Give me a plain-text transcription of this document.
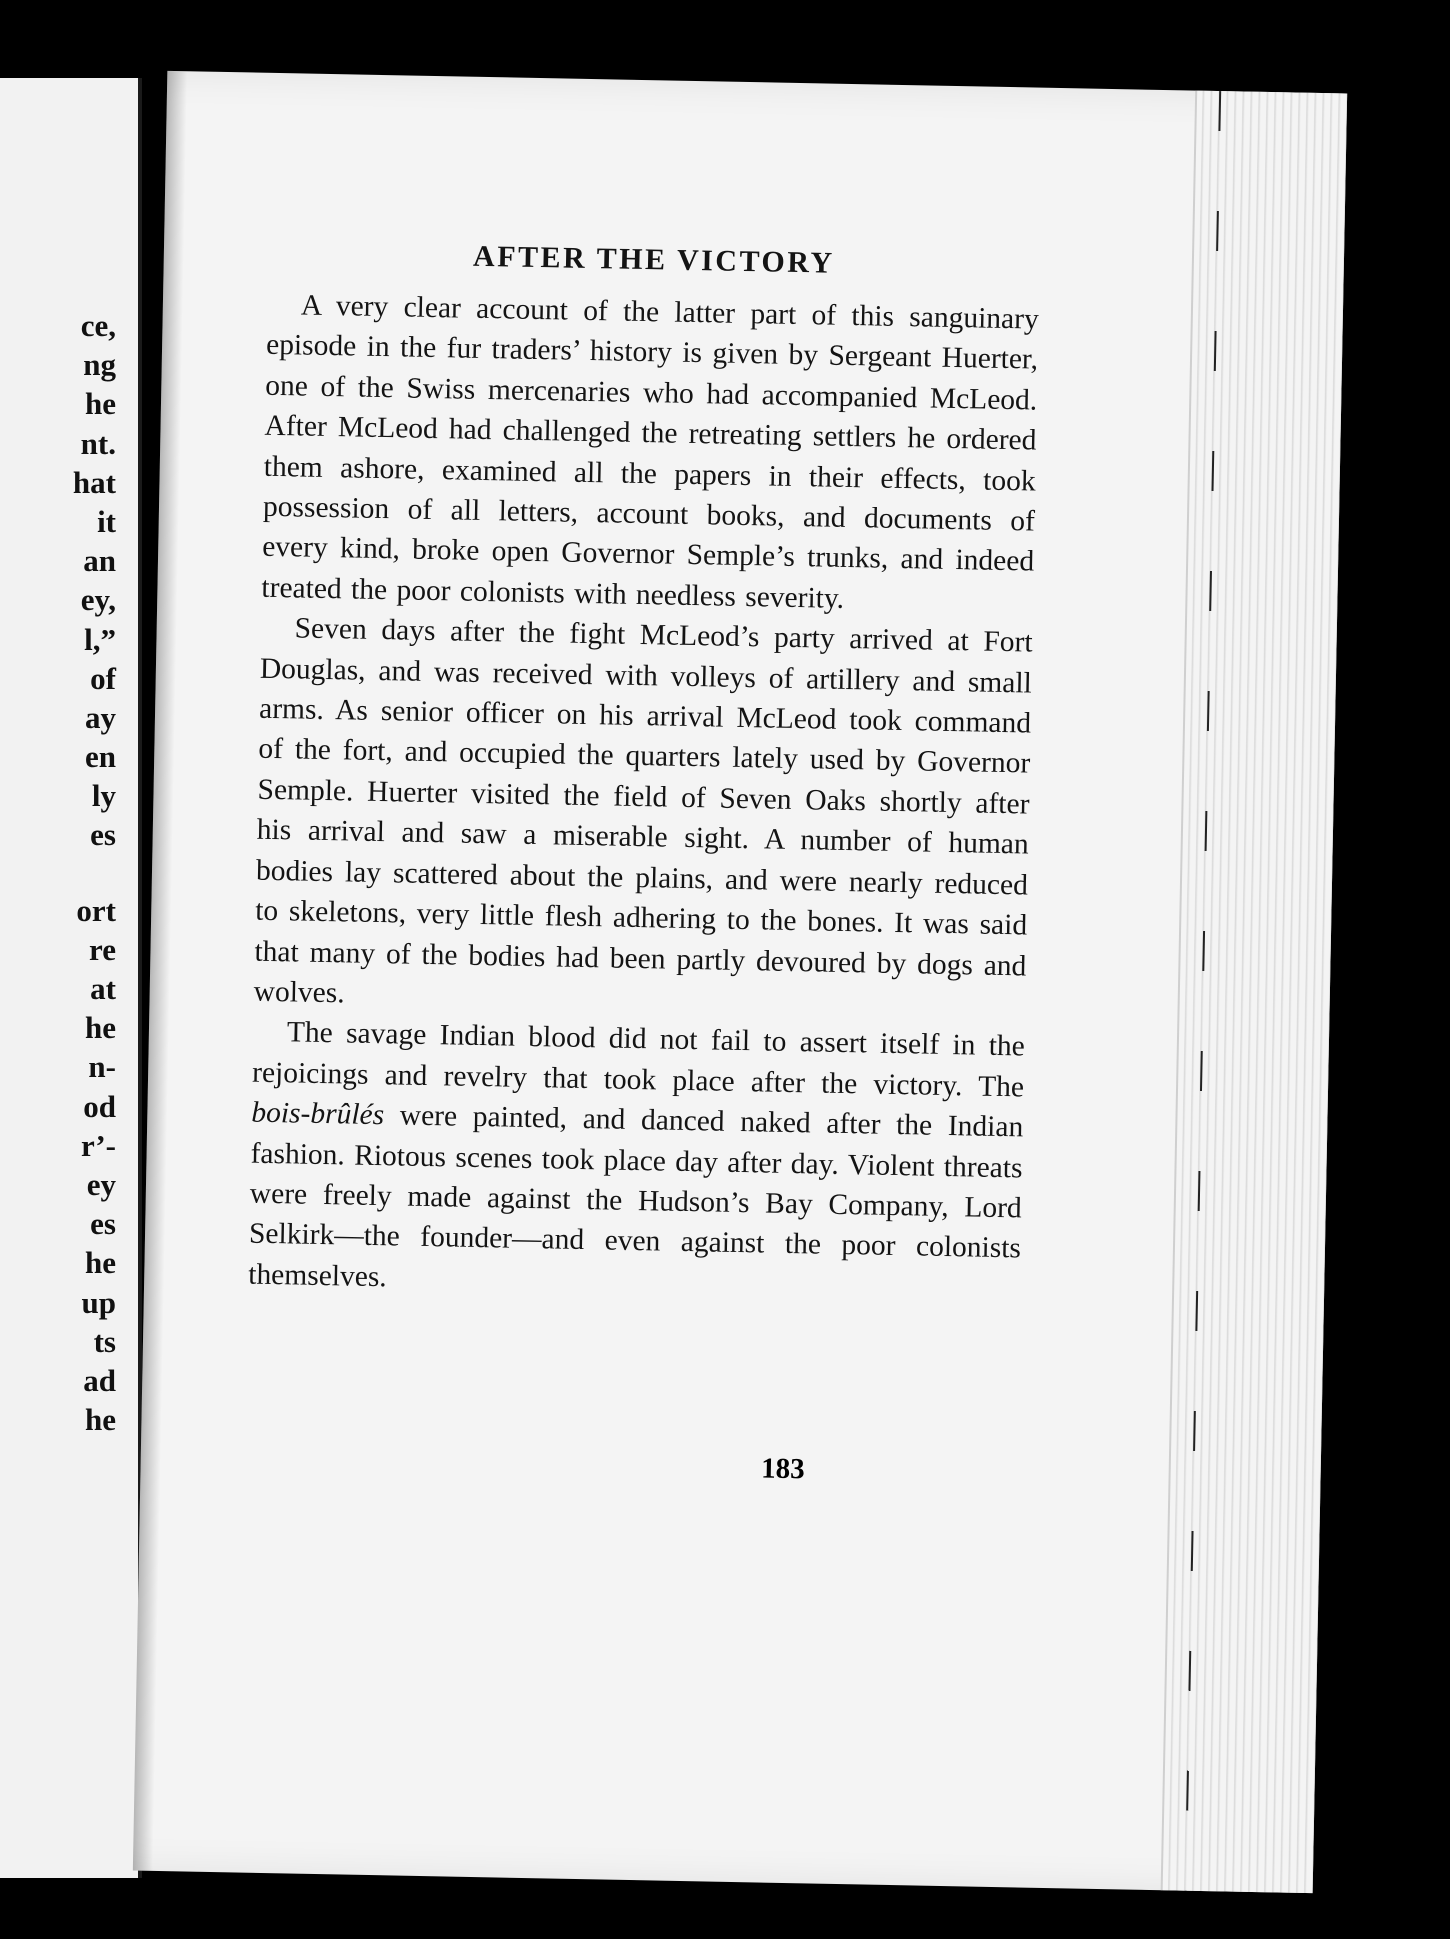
ce,
ng
he
nt.
hat
it
an
ey,
l,”
of
ay
en
ly
es
ort
re
at
he
n-
od
r’-
ey
es
he
up
ts
ad
he
AFTER THE VICTORY

A very clear account of the latter part of this sanguinary episode in the fur traders’ history is given by Sergeant Huerter, one of the Swiss mercenaries who had accompanied McLeod. After McLeod had challenged the retreating settlers he ordered them ashore, examined all the papers in their effects, took possession of all letters, account books, and documents of every kind, broke open Governor Semple’s trunks, and indeed treated the poor colonists with needless severity.

Seven days after the fight McLeod’s party arrived at Fort Douglas, and was received with volleys of artillery and small arms. As senior officer on his arrival McLeod took command of the fort, and occupied the quarters lately used by Governor Semple. Huerter visited the field of Seven Oaks shortly after his arrival and saw a miserable sight. A number of human bodies lay scattered about the plains, and were nearly reduced to skeletons, very little flesh adhering to the bones. It was said that many of the bodies had been partly devoured by dogs and wolves.

The savage Indian blood did not fail to assert itself in the rejoicings and revelry that took place after the victory. The bois-brûlés were painted, and danced naked after the Indian fashion. Riotous scenes took place day after day. Violent threats were freely made against the Hudson’s Bay Company, Lord Selkirk—the founder—and even against the poor colonists themselves.

183
